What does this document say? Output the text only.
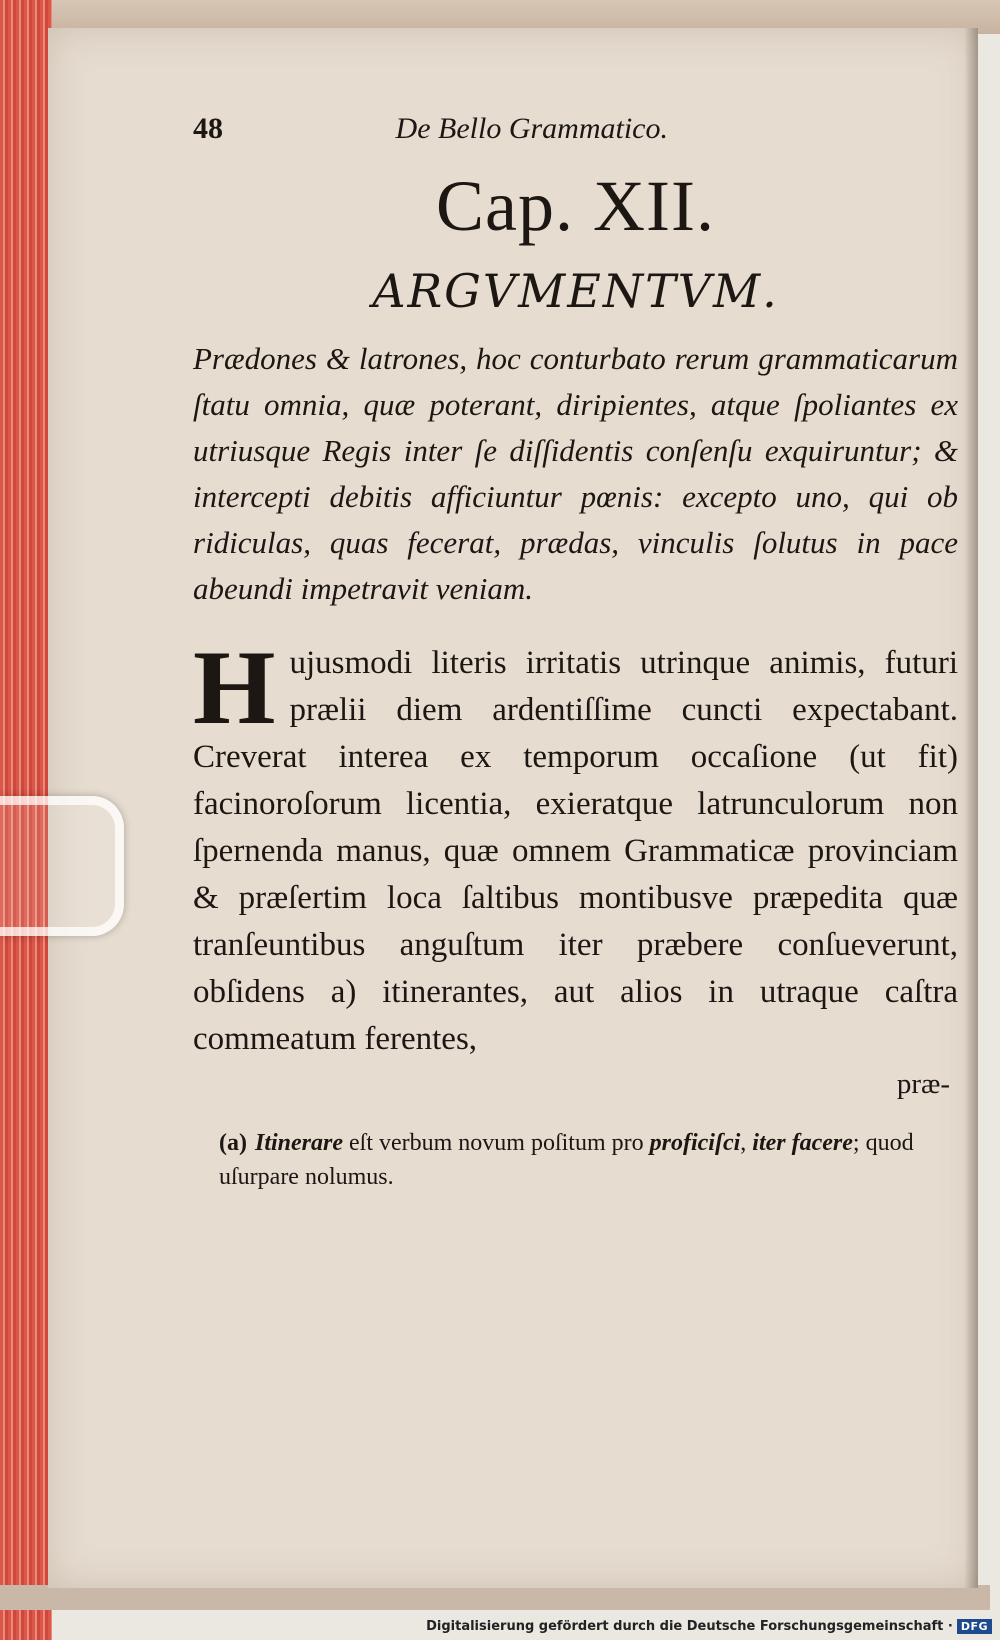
48	De Bello Grammatico.
Cap. XII.
ARGVMENTVM.

Prædones & latrones, hoc conturbato rerum grammaticarum ſtatu omnia, quæ poterant, diripientes, atque ſpoliantes ex utriusque Regis inter ſe diſſidentis conſenſu exquiruntur; & intercepti debitis afficiuntur pœnis: excepto uno, qui ob ridiculas, quas fecerat, prædas, vinculis ſolutus in pace abeundi impetravit veniam.

Hujusmodi literis irritatis utrinque animis, futuri prælii diem ardentiſſime cuncti expectabant. Creverat interea ex temporum occaſione (ut fit) facinoroſorum licentia, exieratque latrunculorum non ſpernenda manus, quæ omnem Grammaticæ provinciam & præſertim loca ſaltibus montibusve præpedita quæ tranſeuntibus anguſtum iter præbere conſueverunt, obſidens a) itinerantes, aut alios in utraque caſtra commeatum ferentes,

præ-
(a) Itinerare eſt verbum novum poſitum pro proficiſci, iter facere; quod uſurpare nolumus.
Digitalisierung gefördert durch die Deutsche Forschungsgemeinschaft · DFG
